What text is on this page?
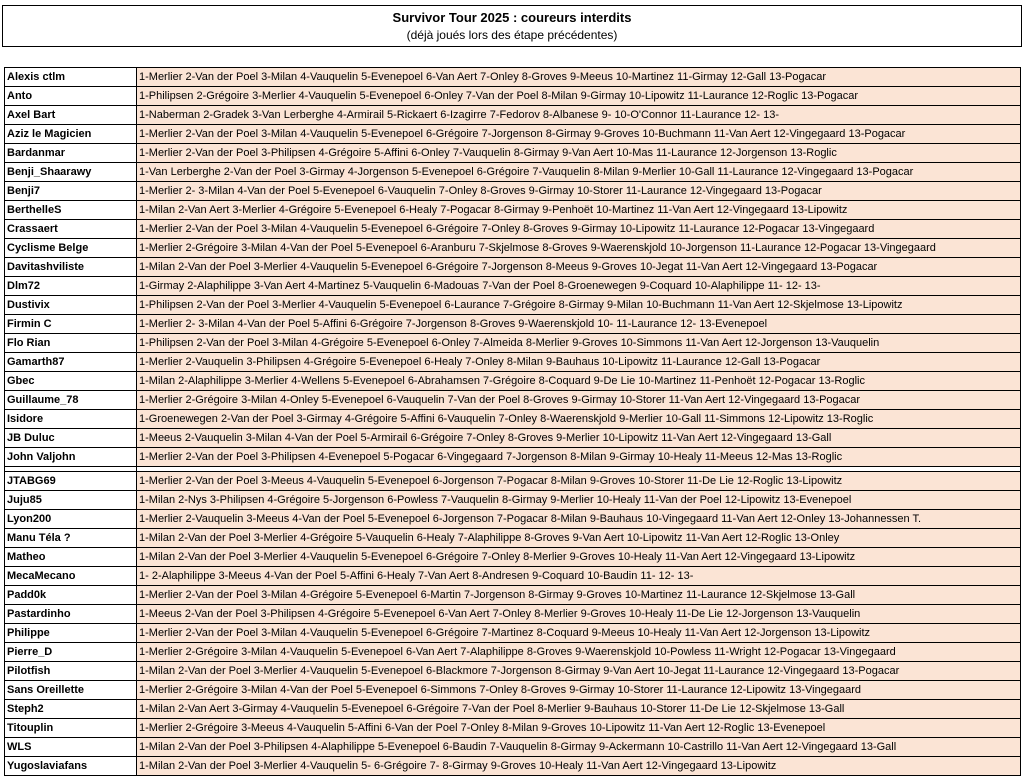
Survivor Tour 2025 : coureurs interdits
(déjà joués lors des étape précédentes)
Alexis ctlm	1-Merlier 2-Van der Poel 3-Milan 4-Vauquelin 5-Evenepoel 6-Van Aert 7-Onley 8-Groves 9-Meeus 10-Martinez 11-Girmay 12-Gall 13-Pogacar
Anto	1-Philipsen 2-Grégoire 3-Merlier 4-Vauquelin 5-Evenepoel 6-Onley 7-Van der Poel 8-Milan 9-Girmay 10-Lipowitz 11-Laurance 12-Roglic 13-Pogacar
Axel Bart	1-Naberman 2-Gradek 3-Van Lerberghe 4-Armirail 5-Rickaert 6-Izagirre 7-Fedorov 8-Albanese 9- 10-O'Connor 11-Laurance 12- 13-
Aziz le Magicien	1-Merlier 2-Van der Poel 3-Milan 4-Vauquelin 5-Evenepoel 6-Grégoire 7-Jorgenson 8-Girmay 9-Groves 10-Buchmann 11-Van Aert 12-Vingegaard 13-Pogacar
Bardanmar	1-Merlier 2-Van der Poel 3-Philipsen 4-Grégoire 5-Affini 6-Onley 7-Vauquelin 8-Girmay 9-Van Aert 10-Mas 11-Laurance 12-Jorgenson 13-Roglic
Benji_Shaarawy	1-Van Lerberghe 2-Van der Poel 3-Girmay 4-Jorgenson 5-Evenepoel 6-Grégoire 7-Vauquelin 8-Milan 9-Merlier 10-Gall 11-Laurance 12-Vingegaard 13-Pogacar
Benji7	1-Merlier 2- 3-Milan 4-Van der Poel 5-Evenepoel 6-Vauquelin 7-Onley 8-Groves 9-Girmay 10-Storer 11-Laurance 12-Vingegaard 13-Pogacar
BerthelleS	1-Milan 2-Van Aert 3-Merlier 4-Grégoire 5-Evenepoel 6-Healy 7-Pogacar 8-Girmay 9-Penhoët 10-Martinez 11-Van Aert 12-Vingegaard 13-Lipowitz
Crassaert	1-Merlier 2-Van der Poel 3-Milan 4-Vauquelin 5-Evenepoel 6-Grégoire 7-Onley 8-Groves 9-Girmay 10-Lipowitz 11-Laurance 12-Pogacar 13-Vingegaard
Cyclisme Belge	1-Merlier 2-Grégoire 3-Milan 4-Van der Poel 5-Evenepoel 6-Aranburu 7-Skjelmose 8-Groves 9-Waerenskjold 10-Jorgenson 11-Laurance 12-Pogacar 13-Vingegaard
Davitashviliste	1-Milan 2-Van der Poel 3-Merlier 4-Vauquelin 5-Evenepoel 6-Grégoire 7-Jorgenson 8-Meeus 9-Groves 10-Jegat 11-Van Aert 12-Vingegaard 13-Pogacar
Dlm72	1-Girmay 2-Alaphilippe 3-Van Aert 4-Martinez 5-Vauquelin 6-Madouas 7-Van der Poel 8-Groenewegen 9-Coquard 10-Alaphilippe 11- 12- 13-
Dustivix	1-Philipsen 2-Van der Poel 3-Merlier 4-Vauquelin 5-Evenepoel 6-Laurance 7-Grégoire 8-Girmay 9-Milan 10-Buchmann 11-Van Aert 12-Skjelmose 13-Lipowitz
Firmin C	1-Merlier 2- 3-Milan 4-Van der Poel 5-Affini 6-Grégoire 7-Jorgenson 8-Groves 9-Waerenskjold 10- 11-Laurance 12- 13-Evenepoel
Flo Rian	1-Philipsen 2-Van der Poel 3-Milan 4-Grégoire 5-Evenepoel 6-Onley 7-Almeida 8-Merlier 9-Groves 10-Simmons 11-Van Aert 12-Jorgenson 13-Vauquelin
Gamarth87	1-Merlier 2-Vauquelin 3-Philipsen 4-Grégoire 5-Evenepoel 6-Healy 7-Onley 8-Milan 9-Bauhaus 10-Lipowitz 11-Laurance 12-Gall 13-Pogacar
Gbec	1-Milan 2-Alaphilippe 3-Merlier 4-Wellens 5-Evenepoel 6-Abrahamsen 7-Grégoire 8-Coquard 9-De Lie 10-Martinez 11-Penhoët 12-Pogacar 13-Roglic
Guillaume_78	1-Merlier 2-Grégoire 3-Milan 4-Onley 5-Evenepoel 6-Vauquelin 7-Van der Poel 8-Groves 9-Girmay 10-Storer 11-Van Aert 12-Vingegaard 13-Pogacar
Isidore	1-Groenewegen 2-Van der Poel 3-Girmay 4-Grégoire 5-Affini 6-Vauquelin 7-Onley 8-Waerenskjold 9-Merlier 10-Gall 11-Simmons 12-Lipowitz 13-Roglic
JB Duluc	1-Meeus 2-Vauquelin 3-Milan 4-Van der Poel 5-Armirail 6-Grégoire 7-Onley 8-Groves 9-Merlier 10-Lipowitz 11-Van Aert 12-Vingegaard 13-Gall
John Valjohn	1-Merlier 2-Van der Poel 3-Philipsen 4-Evenepoel 5-Pogacar 6-Vingegaard 7-Jorgenson 8-Milan 9-Girmay 10-Healy 11-Meeus 12-Mas 13-Roglic

JTABG69	1-Merlier 2-Van der Poel 3-Meeus 4-Vauquelin 5-Evenepoel 6-Jorgenson 7-Pogacar 8-Milan 9-Groves 10-Storer 11-De Lie 12-Roglic 13-Lipowitz
Juju85	1-Milan 2-Nys 3-Philipsen 4-Grégoire 5-Jorgenson 6-Powless 7-Vauquelin 8-Girmay 9-Merlier 10-Healy 11-Van der Poel 12-Lipowitz 13-Evenepoel
Lyon200	1-Merlier 2-Vauquelin 3-Meeus 4-Van der Poel 5-Evenepoel 6-Jorgenson 7-Pogacar 8-Milan 9-Bauhaus 10-Vingegaard 11-Van Aert 12-Onley 13-Johannessen T.
Manu Téla ?	1-Milan 2-Van der Poel 3-Merlier 4-Grégoire 5-Vauquelin 6-Healy 7-Alaphilippe 8-Groves 9-Van Aert 10-Lipowitz 11-Van Aert 12-Roglic 13-Onley
Matheo	1-Milan 2-Van der Poel 3-Merlier 4-Vauquelin 5-Evenepoel 6-Grégoire 7-Onley 8-Merlier 9-Groves 10-Healy 11-Van Aert 12-Vingegaard 13-Lipowitz
MecaMecano	1- 2-Alaphilippe 3-Meeus 4-Van der Poel 5-Affini 6-Healy 7-Van Aert 8-Andresen 9-Coquard 10-Baudin 11- 12- 13-
Padd0k	1-Merlier 2-Van der Poel 3-Milan 4-Grégoire 5-Evenepoel 6-Martin 7-Jorgenson 8-Girmay 9-Groves 10-Martinez 11-Laurance 12-Skjelmose 13-Gall
Pastardinho	1-Meeus 2-Van der Poel 3-Philipsen 4-Grégoire 5-Evenepoel 6-Van Aert 7-Onley 8-Merlier 9-Groves 10-Healy 11-De Lie 12-Jorgenson 13-Vauquelin
Philippe	1-Merlier 2-Van der Poel 3-Milan 4-Vauquelin 5-Evenepoel 6-Grégoire 7-Martinez 8-Coquard 9-Meeus 10-Healy 11-Van Aert 12-Jorgenson 13-Lipowitz
Pierre_D	1-Merlier 2-Grégoire 3-Milan 4-Vauquelin 5-Evenepoel 6-Van Aert 7-Alaphilippe 8-Groves 9-Waerenskjold 10-Powless 11-Wright 12-Pogacar 13-Vingegaard
Pilotfish	1-Milan 2-Van der Poel 3-Merlier 4-Vauquelin 5-Evenepoel 6-Blackmore 7-Jorgenson 8-Girmay 9-Van Aert 10-Jegat 11-Laurance 12-Vingegaard 13-Pogacar
Sans Oreillette	1-Merlier 2-Grégoire 3-Milan 4-Van der Poel 5-Evenepoel 6-Simmons 7-Onley 8-Groves 9-Girmay 10-Storer 11-Laurance 12-Lipowitz 13-Vingegaard
Steph2	1-Milan 2-Van Aert 3-Girmay 4-Vauquelin 5-Evenepoel 6-Grégoire 7-Van der Poel 8-Merlier 9-Bauhaus 10-Storer 11-De Lie 12-Skjelmose 13-Gall
Titouplin	1-Merlier 2-Grégoire 3-Meeus 4-Vauquelin 5-Affini 6-Van der Poel 7-Onley 8-Milan 9-Groves 10-Lipowitz 11-Van Aert 12-Roglic 13-Evenepoel
WLS	1-Milan 2-Van der Poel 3-Philipsen 4-Alaphilippe 5-Evenepoel 6-Baudin 7-Vauquelin 8-Girmay 9-Ackermann 10-Castrillo 11-Van Aert 12-Vingegaard 13-Gall
Yugoslaviafans	1-Milan 2-Van der Poel 3-Merlier 4-Vauquelin 5- 6-Grégoire 7- 8-Girmay 9-Groves 10-Healy 11-Van Aert 12-Vingegaard 13-Lipowitz
